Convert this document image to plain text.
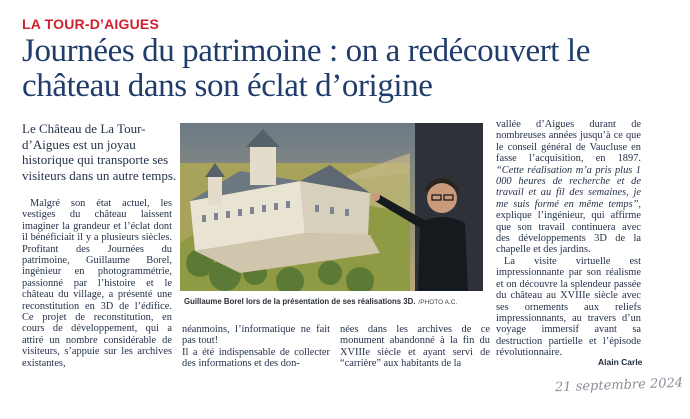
LA TOUR-D’AIGUES
Journées du patrimoine : on a redécouvert le château dans son éclat d’origine
Le Château de La Tour-d’Aigues est un joyau historique qui transporte ses visiteurs dans un autre temps.

Malgré son état actuel, les vestiges du château laissent imaginer la grandeur et l’éclat dont il bénéficiait il y a plusieurs siècles. Profitant des Journées du patrimoine, Guillaume Borel, ingénieur en photogrammétrie, passionné par l’histoire et le château du village, a présenté une reconstitution en 3D de l’édifice. Ce projet de reconstitution, en cours de développement, qui a attiré un nombre considérable de visiteurs, s’appuie sur les archives existantes,

Guillaume Borel lors de la présentation de ses réalisations 3D. /PHOTO A.C.

néanmoins, l’informatique ne fait pas tout!

Il a été indispensable de collecter des informations et des don-

nées dans les archives de ce monument abandonné à la fin du XVIIIe siècle et ayant servi de “carrière” aux habitants de la

vallée d’Aigues durant de nombreuses années jusqu’à ce que le conseil général de Vaucluse en fasse l’acquisition, en 1897. “Cette réalisation m’a pris plus 1 000 heures de recherche et de travail et au fil des semaines, je me suis formé en même temps”, explique l’ingénieur, qui affirme que son travail continuera avec des développements 3D de la chapelle et des jardins.

La visite virtuelle est impressionnante par son réalisme et on découvre la splendeur passée du château au XVIIIe siècle avec ses ornements aux reliefs impressionnants, au travers d’un voyage immersif avant sa destruction partielle et l’épisode révolutionnaire.

Alain Carle
21 septembre 2024
